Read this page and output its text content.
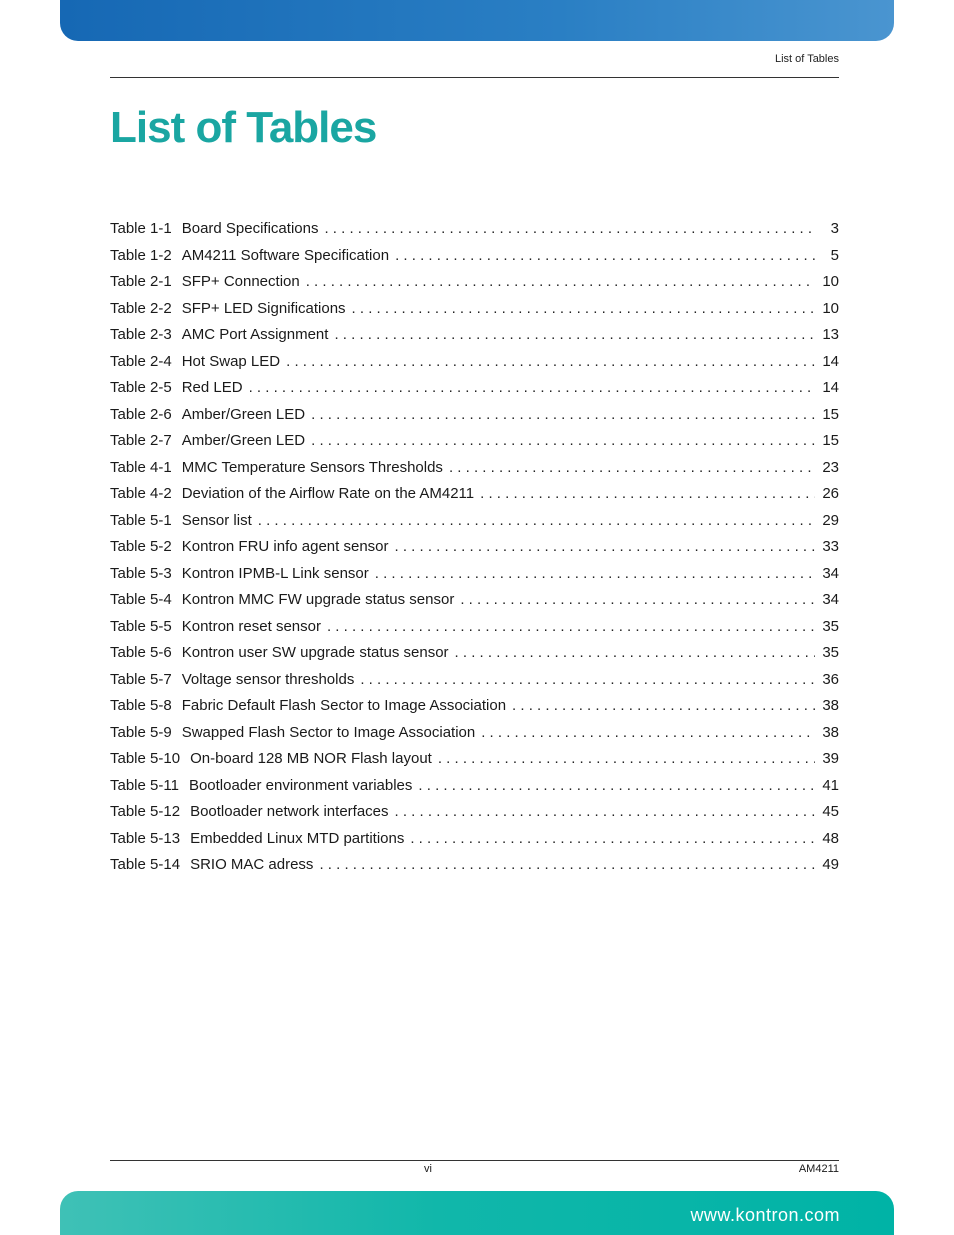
List of Tables
List of Tables
Table 1-1 Board Specifications . . .	3
Table 1-2 AM4211 Software Specification . . .	5
Table 2-1 SFP+ Connection . . .	10
Table 2-2 SFP+ LED Significations . . .	10
Table 2-3 AMC Port Assignment . . .	13
Table 2-4 Hot Swap LED . . .	14
Table 2-5 Red LED . . .	14
Table 2-6 Amber/Green LED . . .	15
Table 2-7 Amber/Green LED . . .	15
Table 4-1 MMC Temperature Sensors Thresholds . . .	23
Table 4-2 Deviation of the Airflow Rate on the AM4211 . . .	26
Table 5-1 Sensor list . . .	29
Table 5-2 Kontron FRU info agent sensor . . .	33
Table 5-3 Kontron IPMB-L Link sensor . . .	34
Table 5-4 Kontron MMC FW upgrade status sensor . . .	34
Table 5-5 Kontron reset sensor . . .	35
Table 5-6 Kontron user SW upgrade status sensor . . .	35
Table 5-7 Voltage sensor thresholds . . .	36
Table 5-8 Fabric Default Flash Sector to Image Association . . .	38
Table 5-9 Swapped Flash Sector to Image Association . . .	38
Table 5-10 On-board 128 MB NOR Flash layout . . .	39
Table 5-11 Bootloader environment variables . . .	41
Table 5-12 Bootloader network interfaces . . .	45
Table 5-13 Embedded Linux MTD partitions . . .	48
Table 5-14 SRIO MAC adress . . .	49
vi	AM4211
www.kontron.com
